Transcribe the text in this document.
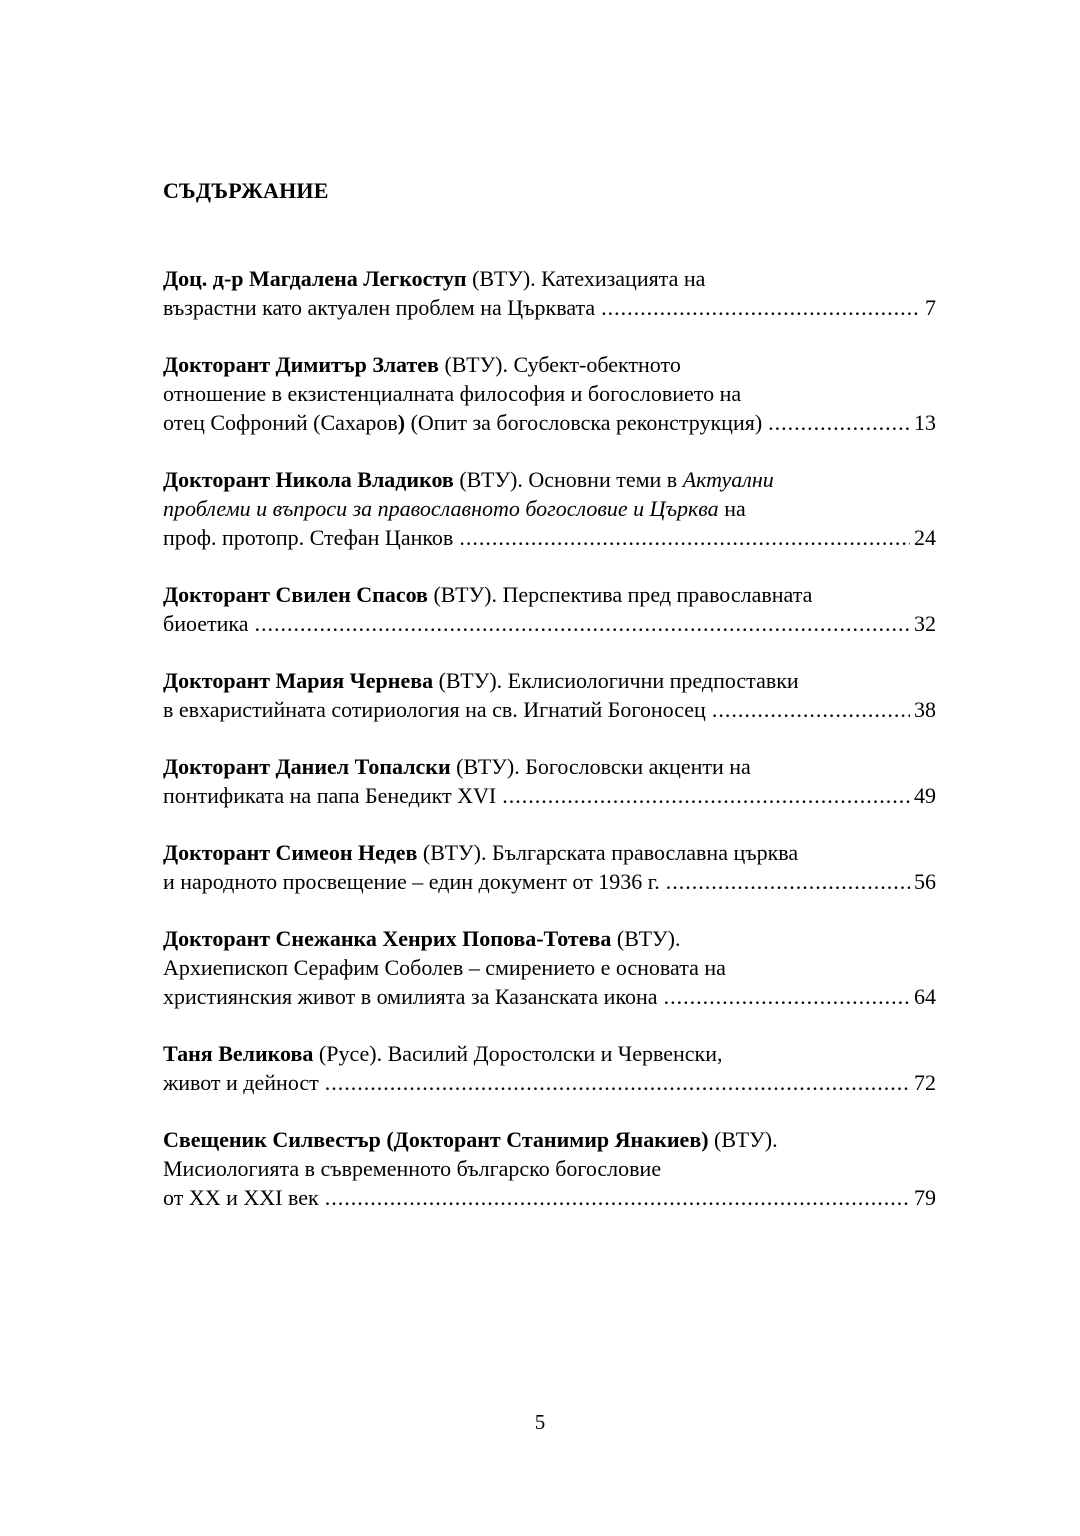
СЪДЪРЖАНИЕ
Доц. д-р Магдалена Легкоступ (ВТУ). Катехизацията на
възрастни като актуален проблем на Църквата .....	7
Докторант Димитър Златев (ВТУ). Субект-обектното
отношение в екзистенциалната философия и богословието на
отец Софроний (Сахаров) (Опит за богословска реконструкция) .....	13
Докторант Никола Владиков (ВТУ). Основни теми в Актуални
проблеми и въпроси за православното богословие и Църква на
проф. протопр. Стефан Цанков .....	24
Докторант Свилен Спасов (ВТУ). Перспектива пред православната
биоетика .....	32
Докторант Мария Чернева (ВТУ). Еклисиологични предпоставки
в евхаристийната сотириология на св. Игнатий Богоносец .....	38
Докторант Даниел Топалски (ВТУ). Богословски акценти на
понтификата на папа Бенедикт XVI .....	49
Докторант Симеон Недев (ВТУ). Българската православна църква
и народното просвещение – един документ от 1936 г. .....	56
Докторант Снежанка Хенрих Попова-Тотева (ВТУ).
Архиепископ Серафим Соболев – смирението е основата на
християнския живот в омилията за Казанската икона .....	64
Таня Великова (Русе). Василий Доростолски и Червенски,
живот и дейност .....	72
Свещеник Силвестър (Докторант Станимир Янакиев) (ВТУ).
Мисиологията в съвременното българско богословие
от XX и XXI век .....	79
5
